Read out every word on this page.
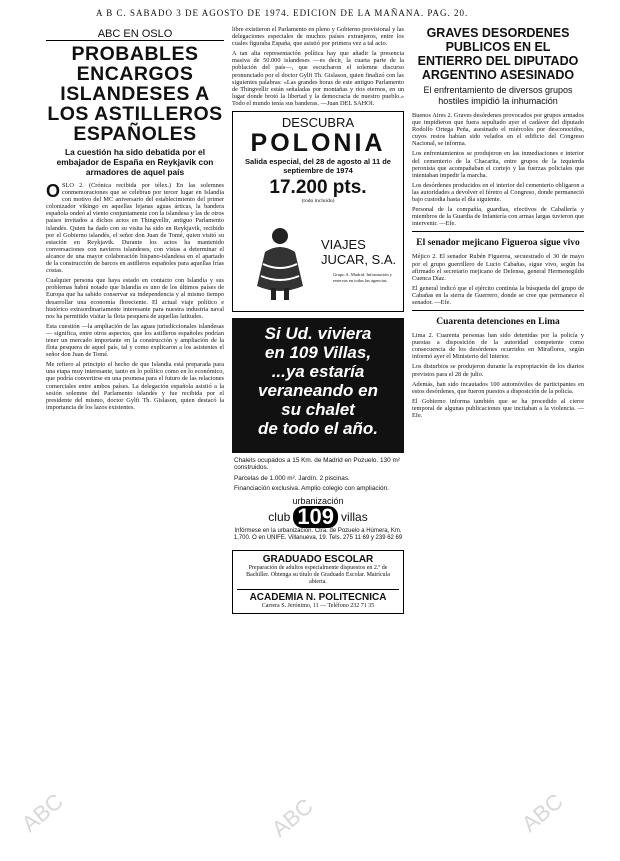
A B C. SABADO 3 DE AGOSTO DE 1974. EDICION DE LA MAÑANA. PAG. 20.
ABC EN OSLO
PROBABLES ENCARGOS ISLANDESES A LOS ASTILLEROS ESPAÑOLES
La cuestión ha sido debatida por el embajador de España en Reykjavik con armadores de aquel país
O SLO 2. (Crónica recibida por télex.) En las solemnes conmemoraciones que se celebran por tercer lugar en Islandia con motivo del MC aniversario del establecimiento del primer colonizador vikingo en aquellas lejanas aguas árticas, la bandera española ondeó al viento conjuntamente con la islandesa y las de otros países invitados a dichos actos en Thingvellir, antiguo Parlamento islandés. Quien ha dado con su visita ha sido en Reykjavik, recibido por el Gobierno islandés, el señor don Juan de Tomé, quien visitó su estación en Reykjavik. Durante los actos ha mantenido conversaciones con navieros islandeses, con vistas a determinar el alcance de una mayor colaboración hispano-islandesa en el apartado de la construcción de barcos en astilleros españoles para aquellas frías costas.

Cualquier persona que haya estado en contacto con Islandia y sus problemas habrá notado que Islandia es uno de los últimos países de Europa que ha sabido conservar su independencia y al mismo tiempo desarrollar una economía floreciente. El actual viaje político e histórico extraordinariamente interesante para nuestra industria naval nos ha permitido visitar la flota pesquera de aquellas latitudes.

Esta cuestión —la ampliación de las aguas jurisdiccionales islandesas— significa, entre otros aspectos, que los astilleros españoles podrían tener un mercado importante en la construcción y ampliación de la flota pesquera de aquel país, tal y como explicaron a los asistentes el señor don Juan de Tomé.

Me refiero al principio el hecho de que Islandia está preparada para una etapa muy interesante, tanto en lo político como en lo económico, que podría convertirse en una promesa para el futuro de las relaciones comerciales entre ambos países. La delegación española asistió a la sesión solemne del Parlamento islandés y fue recibida por el presidente del mismo, doctor Gylfi Th. Gislason, quien destacó la importancia de los lazos existentes.

libre existieron el Parlamento en pleno y Gobierno provisional y las delegaciones especiales de muchos países extranjeros, entre los cuales figuraba España, que asistió por primera vez a tal acto.

A tan alta representación política hay que añadir la presencia masiva de 50.000 islandeses —es decir, la cuarta parte de la población del país—, que escucharon el solemne discurso pronunciado por el doctor Gylfi Th. Gislason, quien finalizó con las siguientes palabras: «Las grandes horas de este antiguo Parlamento de Thingvellir están señaladas por montañas y ríos eternos, en un lugar donde brotó la libertad y la democracia de nuestro pueblo.» Todo el mundo tenía sus banderas. —Juan DEL SAHOI.

DESCUBRA
POLONIA
Salida especial, del 28 de agosto al 11 de septiembre de 1974
17.200 pts.
(todo incluido)
VIAJES
JUCAR, S.A.
Grupo A. Madrid. Información y reservas en todas las agencias.
Si Ud. viviera
en 109 Villas,
...ya estaría
veraneando en
su chalet
de todo el año.

Chalets ocupados a 15 Km. de Madrid en Pozuelo. 130 m² construidos.

Parcelas de 1.000 m². Jardín. 2 piscinas.

Financiación exclusiva. Amplio colegio con ampliación.

urbanización
club 109 villas
Infórmese en la urbanización. Ctra. de Pozuelo a Húmera, Km. 1,700. O en UNIFE. Villanueva, 19. Tels. 275 11 69 y 239 62 69
GRADUADO ESCOLAR
Preparación de adultos especialmente dispuestos en 2.º de Bachiller. Obtenga su título de Graduado Escolar. Matrícula abierta.
ACADEMIA N. POLITECNICA
Carrera S. Jerónimo, 11 — Teléfono 232 71 35
GRAVES DESORDENES PUBLICOS EN EL ENTIERRO DEL DIPUTADO ARGENTINO ASESINADO
El enfrentamiento de diversos grupos hostiles impidió la inhumación

Buenos Aires 2. Graves desórdenes provocados por grupos armados que impidieron que fuera sepultado ayer el cadáver del diputado Rodolfo Ortega Peña, asesinado el miércoles por desconocidos, cuyos restos habían sido velados en el edificio del Congreso Nacional, se informa.

Los enfrentamientos se produjeron en las inmediaciones e interior del cementerio de la Chacarita, entre grupos de la izquierda peronista que acompañaban el cortejo y las fuerzas policiales que intentaban impedir la marcha.

Los desórdenes producidos en el interior del cementerio obligaron a las autoridades a devolver el féretro al Congreso, donde permaneció bajo custodia hasta el día siguiente.

Personal de la compañía, guardias, efectivos de Caballería y miembros de la Guardia de Infantería con armas largas tuvieron que intervenir. —Efe.

El senador mejicano Figueroa sigue vivo

Méjico 2. El senador Rubén Figueroa, secuestrado el 30 de mayo por el grupo guerrillero de Lucio Cabañas, sigue vivo, según ha afirmado el secretario mejicano de Defensa, general Hermenegildo Cuenca Díaz.

El general indicó que el ejército continúa la búsqueda del grupo de Cabañas en la sierra de Guerrero, donde se cree que permanece el senador. —Efe.

Cuarenta detenciones en Lima

Lima 2. Cuarenta personas han sido detenidas por la policía y puestas a disposición de la autoridad competente como consecuencia de los desórdenes ocurridos en Miraflores, según informó ayer el Ministerio del Interior.

Los disturbios se produjeron durante la expropiación de los diarios previstos para el 28 de julio.

Además, han sido incautados 100 automóviles de participantes en estos desórdenes, que fueron puestos a disposición de la policía.

El Gobierno informa también que se ha procedido al cierre temporal de algunas publicaciones que incitaban a la violencia. —Efe.

ABC	ABC	ABC
